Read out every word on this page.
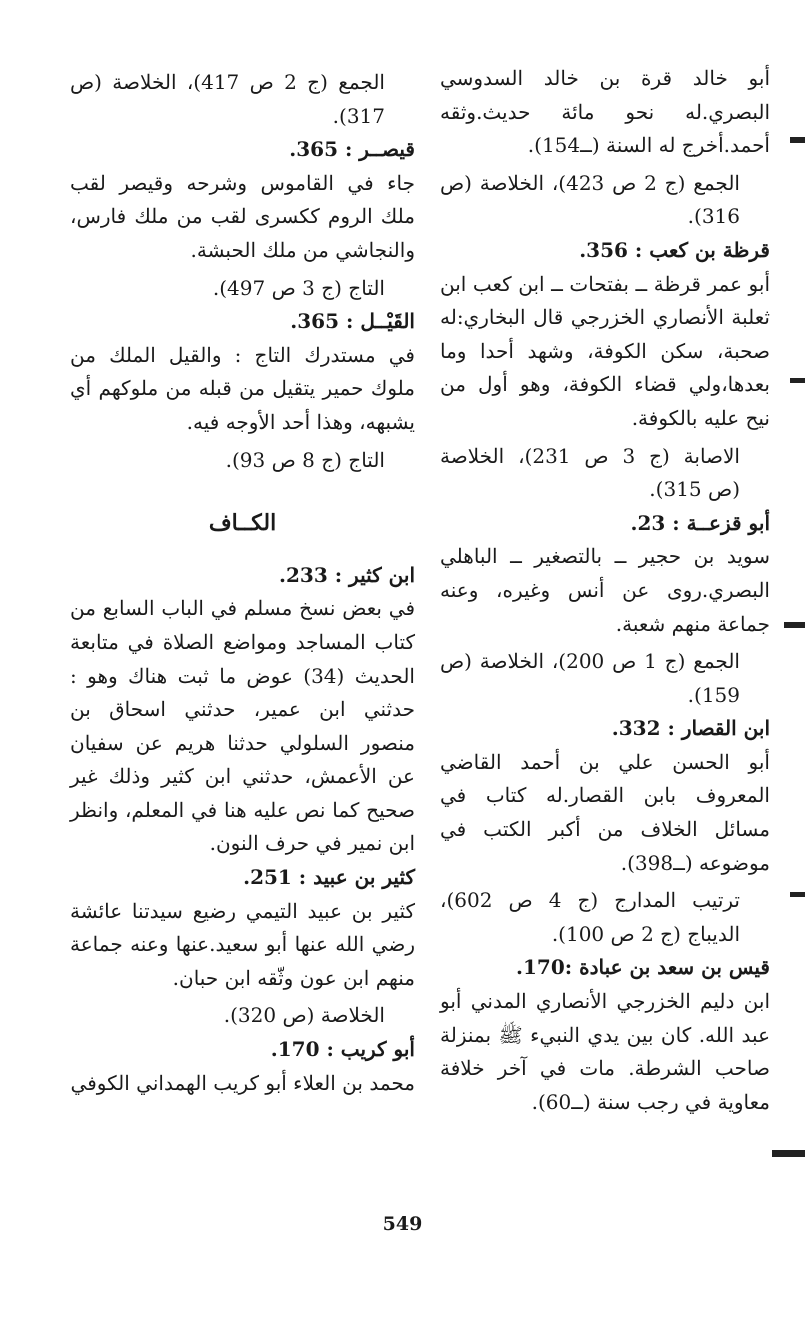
أبو خالد قرة بن خالد السدوسي البصري.له نحو مائة حديث.وثقه أحمد.أخرج له السنة (ــ154).

الجمع (ج 2 ص 423)، الخلاصة (ص 316).

قرظة بن كعب : 356.

أبو عمر قرظة ــ بفتحات ــ ابن كعب ابن ثعلبة الأنصاري الخزرجي قال البخاري:له صحبة، سكن الكوفة، وشهد أحدا وما بعدها،ولي قضاء الكوفة، وهو أول من نيح عليه بالكوفة.

الاصابة (ج 3 ص 231)، الخلاصة (ص 315).

أبو قزعــة : 23.

سويد بن حجير ــ بالتصغير ــ الباهلي البصري.روى عن أنس وغيره، وعنه جماعة منهم شعبة.

الجمع (ج 1 ص 200)، الخلاصة (ص 159).

ابن القصار : 332.

أبو الحسن علي بن أحمد القاضي المعروف بابن القصار.له كتاب في مسائل الخلاف من أكبر الكتب في موضوعه (ــ398).

ترتيب المدارج (ج 4 ص 602)، الديباج (ج 2 ص 100).

قيس بن سعد بن عبادة :170.

ابن دليم الخزرجي الأنصاري المدني أبو عبد الله. كان بين يدي النبيء ﷺ بمنزلة صاحب الشرطة. مات في آخر خلافة معاوية في رجب سنة (ــ60).

الجمع (ج 2 ص 417)، الخلاصة (ص 317).

قيصــر : 365.

جاء في القاموس وشرحه وقيصر لقب ملك الروم ككسرى لقب من ملك فارس، والنجاشي من ملك الحبشة.

التاج (ج 3 ص 497).

القَيْــل : 365.

في مستدرك التاج : والقيل الملك من ملوك حمير يتقيل من قبله من ملوكهم أي يشبهه، وهذا أحد الأوجه فيه.

التاج (ج 8 ص 93).

الكــاف

ابن كثير : 233.

في بعض نسخ مسلم في الباب السابع من كتاب المساجد ومواضع الصلاة في متابعة الحديث (34) عوض ما ثبت هناك وهو : حدثني ابن عمير، حدثني اسحاق بن منصور السلولي حدثنا هريم عن سفيان عن الأعمش، حدثني ابن كثير وذلك غير صحيح كما نص عليه هنا في المعلم، وانظر ابن نمير في حرف النون.

كثير بن عبيد : 251.

كثير بن عبيد التيمي رضيع سيدتنا عائشة رضي الله عنها أبو سعيد.عنها وعنه جماعة منهم ابن عون وثّقه ابن حبان.

الخلاصة (ص 320).

أبو كريب : 170.

محمد بن العلاء أبو كريب الهمداني الكوفي

549
